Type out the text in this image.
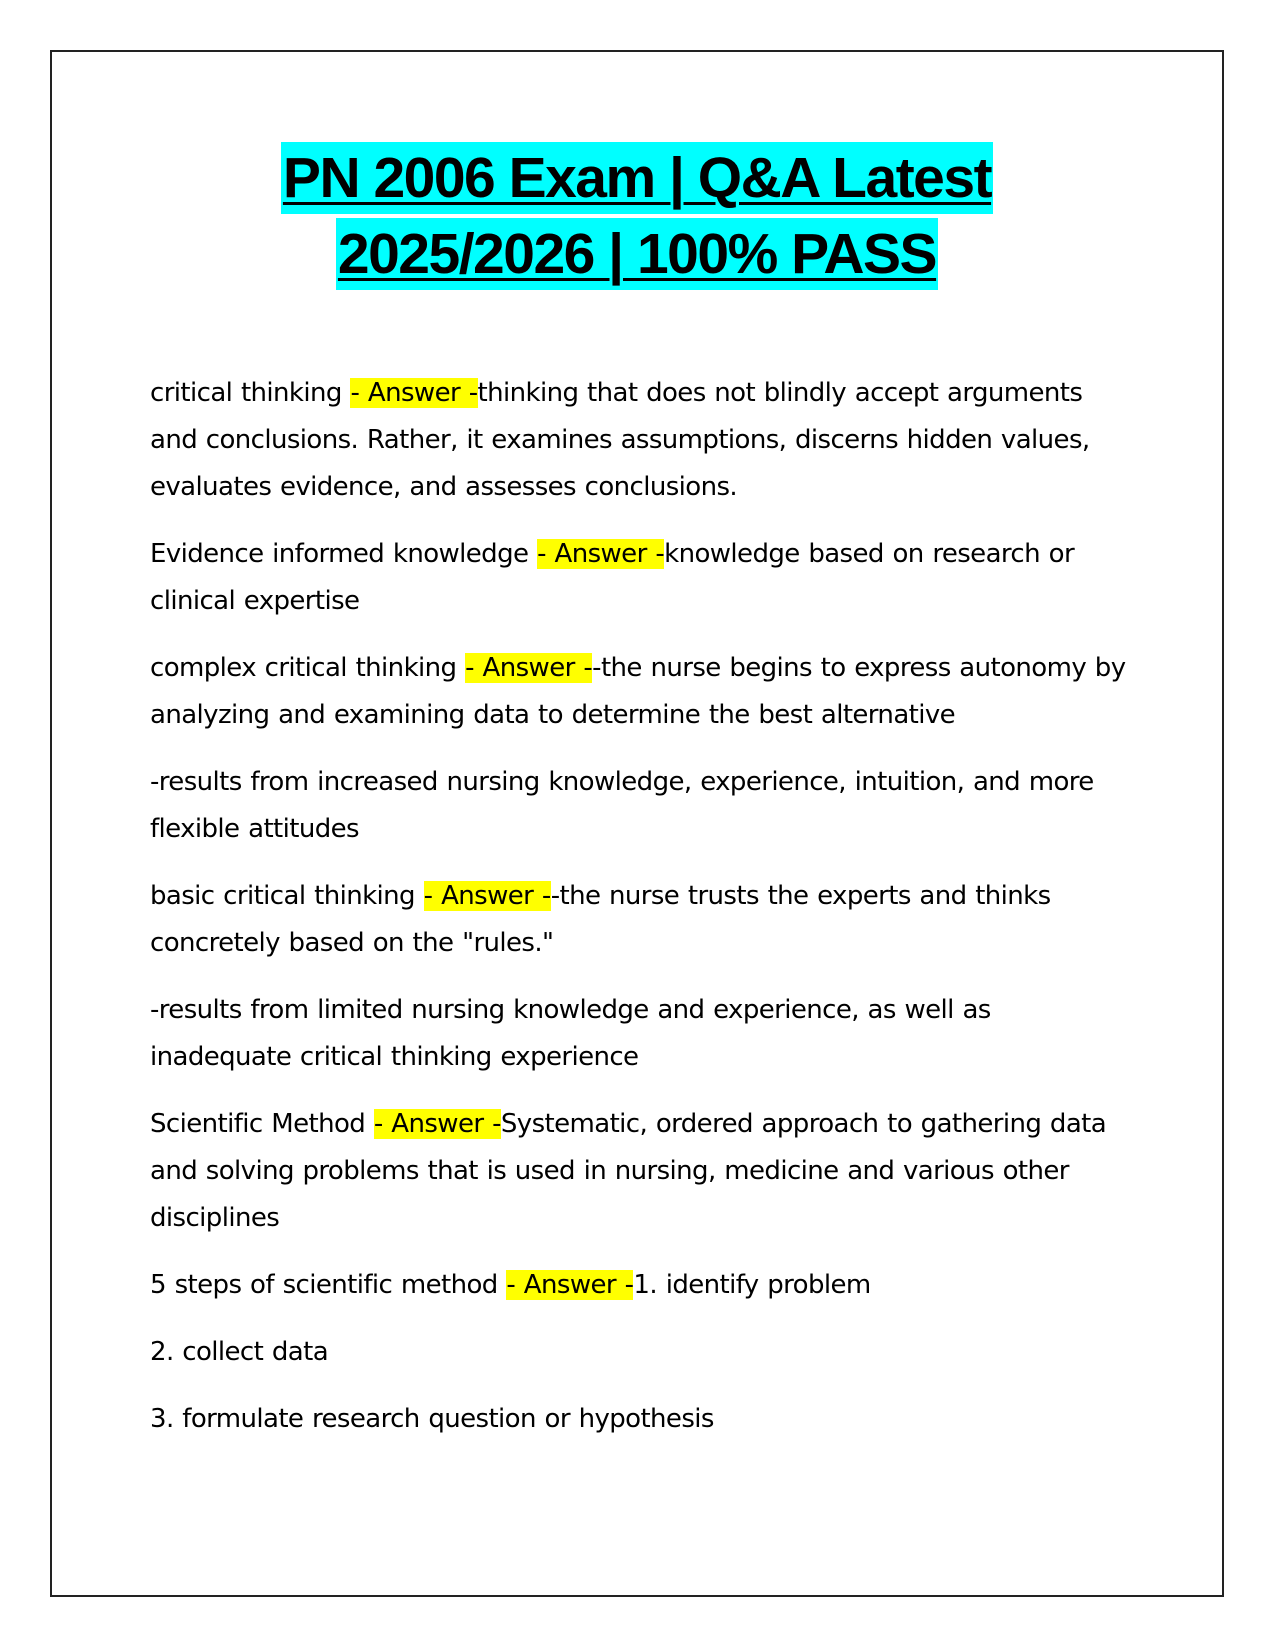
PN 2006 Exam | Q&A Latest
2025/2026 | 100% PASS

critical thinking - Answer -thinking that does not blindly accept arguments and conclusions. Rather, it examines assumptions, discerns hidden values, evaluates evidence, and assesses conclusions.

Evidence informed knowledge - Answer -knowledge based on research or clinical expertise

complex critical thinking - Answer --the nurse begins to express autonomy by analyzing and examining data to determine the best alternative

-results from increased nursing knowledge, experience, intuition, and more flexible attitudes

basic critical thinking - Answer --the nurse trusts the experts and thinks concretely based on the "rules."

-results from limited nursing knowledge and experience, as well as inadequate critical thinking experience

Scientific Method - Answer -Systematic, ordered approach to gathering data and solving problems that is used in nursing, medicine and various other disciplines

5 steps of scientific method - Answer -1. identify problem

2. collect data

3. formulate research question or hypothesis
